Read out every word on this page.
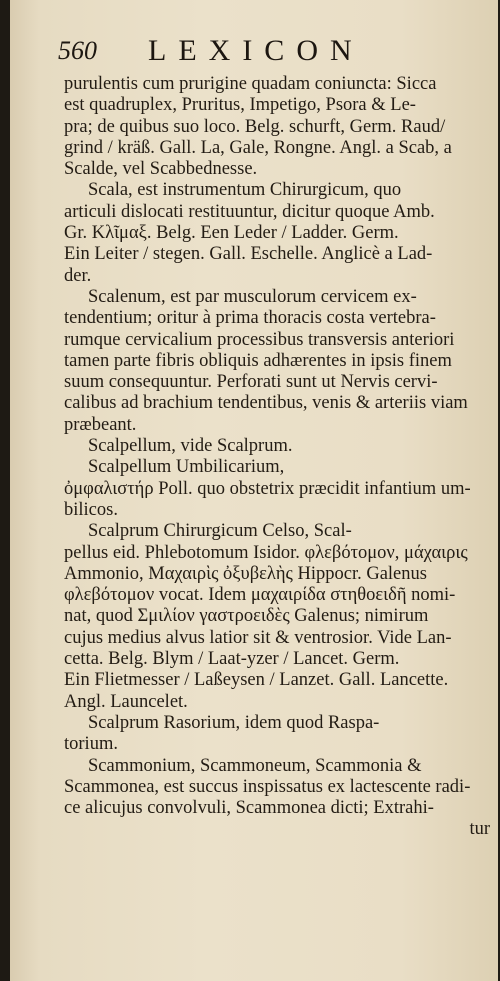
560 LEXICON
purulentis cum prurigine quadam coniuncta: Sicca
est quadruplex, Pruritus, Impetigo, Psora & Le-
pra; de quibus suo loco. Belg. schurft, Germ. Raud/
grind / kräß. Gall. La, Gale, Rongne. Angl. a Scab, a
Scalde, vel Scabbednesse.
Scala, est instrumentum Chirurgicum, quo
articuli dislocati restituuntur, dicitur quoque Amb.
Gr. Κλῖμαξ. Belg. Een Leder / Ladder. Germ.
Ein Leiter / stegen. Gall. Eschelle. Anglicè a Lad-
der.
Scalenum, est par musculorum cervicem ex-
tendentium; oritur à prima thoracis costa vertebra-
rumque cervicalium processibus transversis anteriori
tamen parte fibris obliquis adhærentes in ipsis finem
suum consequuntur. Perforati sunt ut Nervis cervi-
calibus ad brachium tendentibus, venis & arteriis viam
præbeant.
Scalpellum, vide Scalprum.
Scalpellum Umbilicarium,
ὀμφαλιστήρ Poll. quo obstetrix præcidit infantium um-
bilicos.
Scalprum Chirurgicum Celso, Scal-
pellus eid. Phlebotomum Isidor. φλεβότομον, μάχαιρις
Ammonio, Μαχαιρὶς ὀξυβελὴς Hippocr. Galenus
φλεβότομον vocat. Idem μαχαιρίδα στηθοειδῆ nomi-
nat, quod Σμιλίον γαστροειδὲς Galenus; nimirum
cujus medius alvus latior sit & ventrosior. Vide Lan-
cetta. Belg. Blym / Laat-yzer / Lancet. Germ.
Ein Flietmesser / Laßeysen / Lanzet. Gall. Lancette.
Angl. Launcelet.
Scalprum Rasorium, idem quod Raspa-
torium.
Scammonium, Scammoneum, Scammonia &
Scammonea, est succus inspissatus ex lactescente radi-
ce alicujus convolvuli, Scammonea dicti; Extrahi-
tur
